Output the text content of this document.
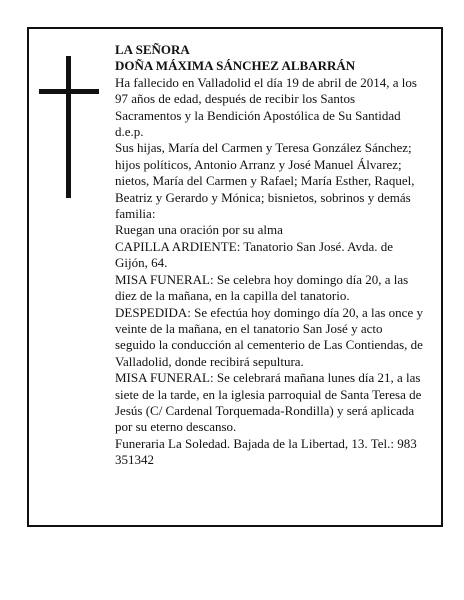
LA SEÑORA

DOÑA MÁXIMA SÁNCHEZ ALBARRÁN

Ha fallecido en Valladolid el día 19 de abril de 2014, a los 97 años de edad, después de recibir los Santos Sacramentos y la Bendición Apostólica de Su Santidad d.e.p.

Sus hijas, María del Carmen y Teresa González Sánchez; hijos políticos, Antonio Arranz y José Manuel Álvarez; nietos, María del Carmen y Rafael; María Esther, Raquel, Beatriz y Gerardo y Mónica; bisnietos, sobrinos y demás familia:

Ruegan una oración por su alma

CAPILLA ARDIENTE: Tanatorio San José. Avda. de Gijón, 64.

MISA FUNERAL: Se celebra hoy domingo día 20, a las diez de la mañana, en la capilla del tanatorio.

DESPEDIDA: Se efectúa hoy domingo día 20, a las once y veinte de la mañana, en el tanatorio San José y acto seguido la conducción al cementerio de Las Contiendas, de Valladolid, donde recibirá sepultura.

MISA FUNERAL: Se celebrará mañana lunes día 21, a las siete de la tarde, en la iglesia parroquial de Santa Teresa de Jesús (C/ Cardenal Torquemada-Rondilla) y será aplicada por su eterno descanso.

Funeraria La Soledad. Bajada de la Libertad, 13. Tel.: 983 351342
